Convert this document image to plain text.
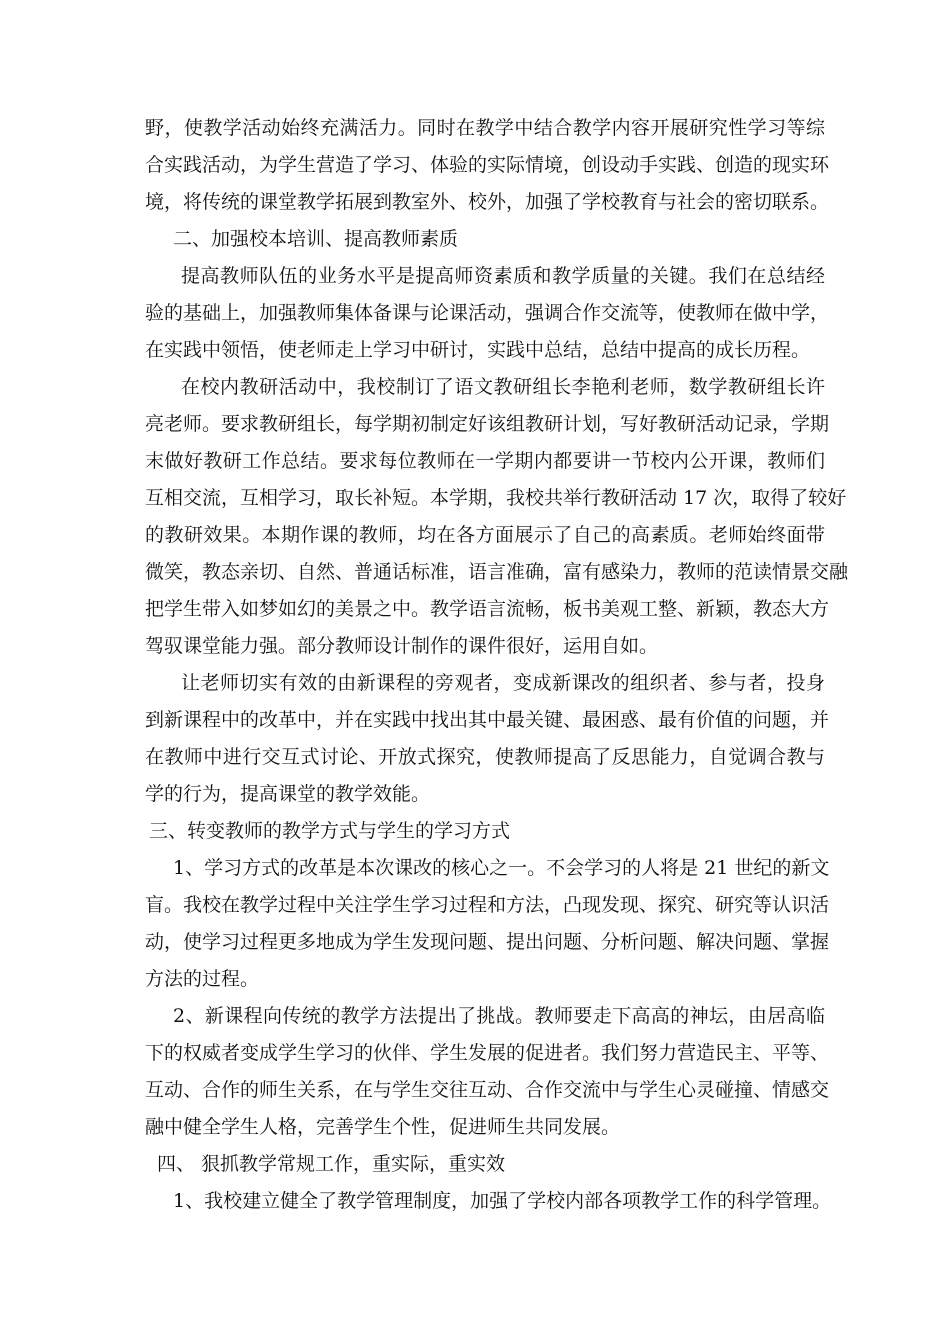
野，使教学活动始终充满活力。同时在教学中结合教学内容开展研究性学习等综
合实践活动，为学生营造了学习、体验的实际情境，创设动手实践、创造的现实环
境，将传统的课堂教学拓展到教室外、校外，加强了学校教育与社会的密切联系。
二、加强校本培训、提高教师素质
提高教师队伍的业务水平是提高师资素质和教学质量的关键。我们在总结经
验的基础上，加强教师集体备课与论课活动，强调合作交流等，使教师在做中学，
在实践中领悟，使老师走上学习中研讨，实践中总结，总结中提高的成长历程。
在校内教研活动中，我校制订了语文教研组长李艳利老师，数学教研组长许
亮老师。要求教研组长，每学期初制定好该组教研计划，写好教研活动记录，学期
末做好教研工作总结。要求每位教师在一学期内都要讲一节校内公开课，教师们
互相交流，互相学习，取长补短。本学期，我校共举行教研活动 17 次，取得了较好
的教研效果。本期作课的教师，均在各方面展示了自己的高素质。老师始终面带
微笑，教态亲切、自然、普通话标准，语言准确，富有感染力，教师的范读情景交融
把学生带入如梦如幻的美景之中。教学语言流畅，板书美观工整、新颖，教态大方
驾驭课堂能力强。部分教师设计制作的课件很好，运用自如。
让老师切实有效的由新课程的旁观者，变成新课改的组织者、参与者，投身
到新课程中的改革中，并在实践中找出其中最关键、最困惑、最有价值的问题，并
在教师中进行交互式讨论、开放式探究，使教师提高了反思能力，自觉调合教与
学的行为，提高课堂的教学效能。
三、转变教师的教学方式与学生的学习方式
1、学习方式的改革是本次课改的核心之一。不会学习的人将是 21 世纪的新文
盲。我校在教学过程中关注学生学习过程和方法，凸现发现、探究、研究等认识活
动，使学习过程更多地成为学生发现问题、提出问题、分析问题、解决问题、掌握
方法的过程。
2、新课程向传统的教学方法提出了挑战。教师要走下高高的神坛，由居高临
下的权威者变成学生学习的伙伴、学生发展的促进者。我们努力营造民主、平等、
互动、合作的师生关系，在与学生交往互动、合作交流中与学生心灵碰撞、情感交
融中健全学生人格，完善学生个性，促进师生共同发展。
四、 狠抓教学常规工作，重实际，重实效
1、我校建立健全了教学管理制度，加强了学校内部各项教学工作的科学管理。
